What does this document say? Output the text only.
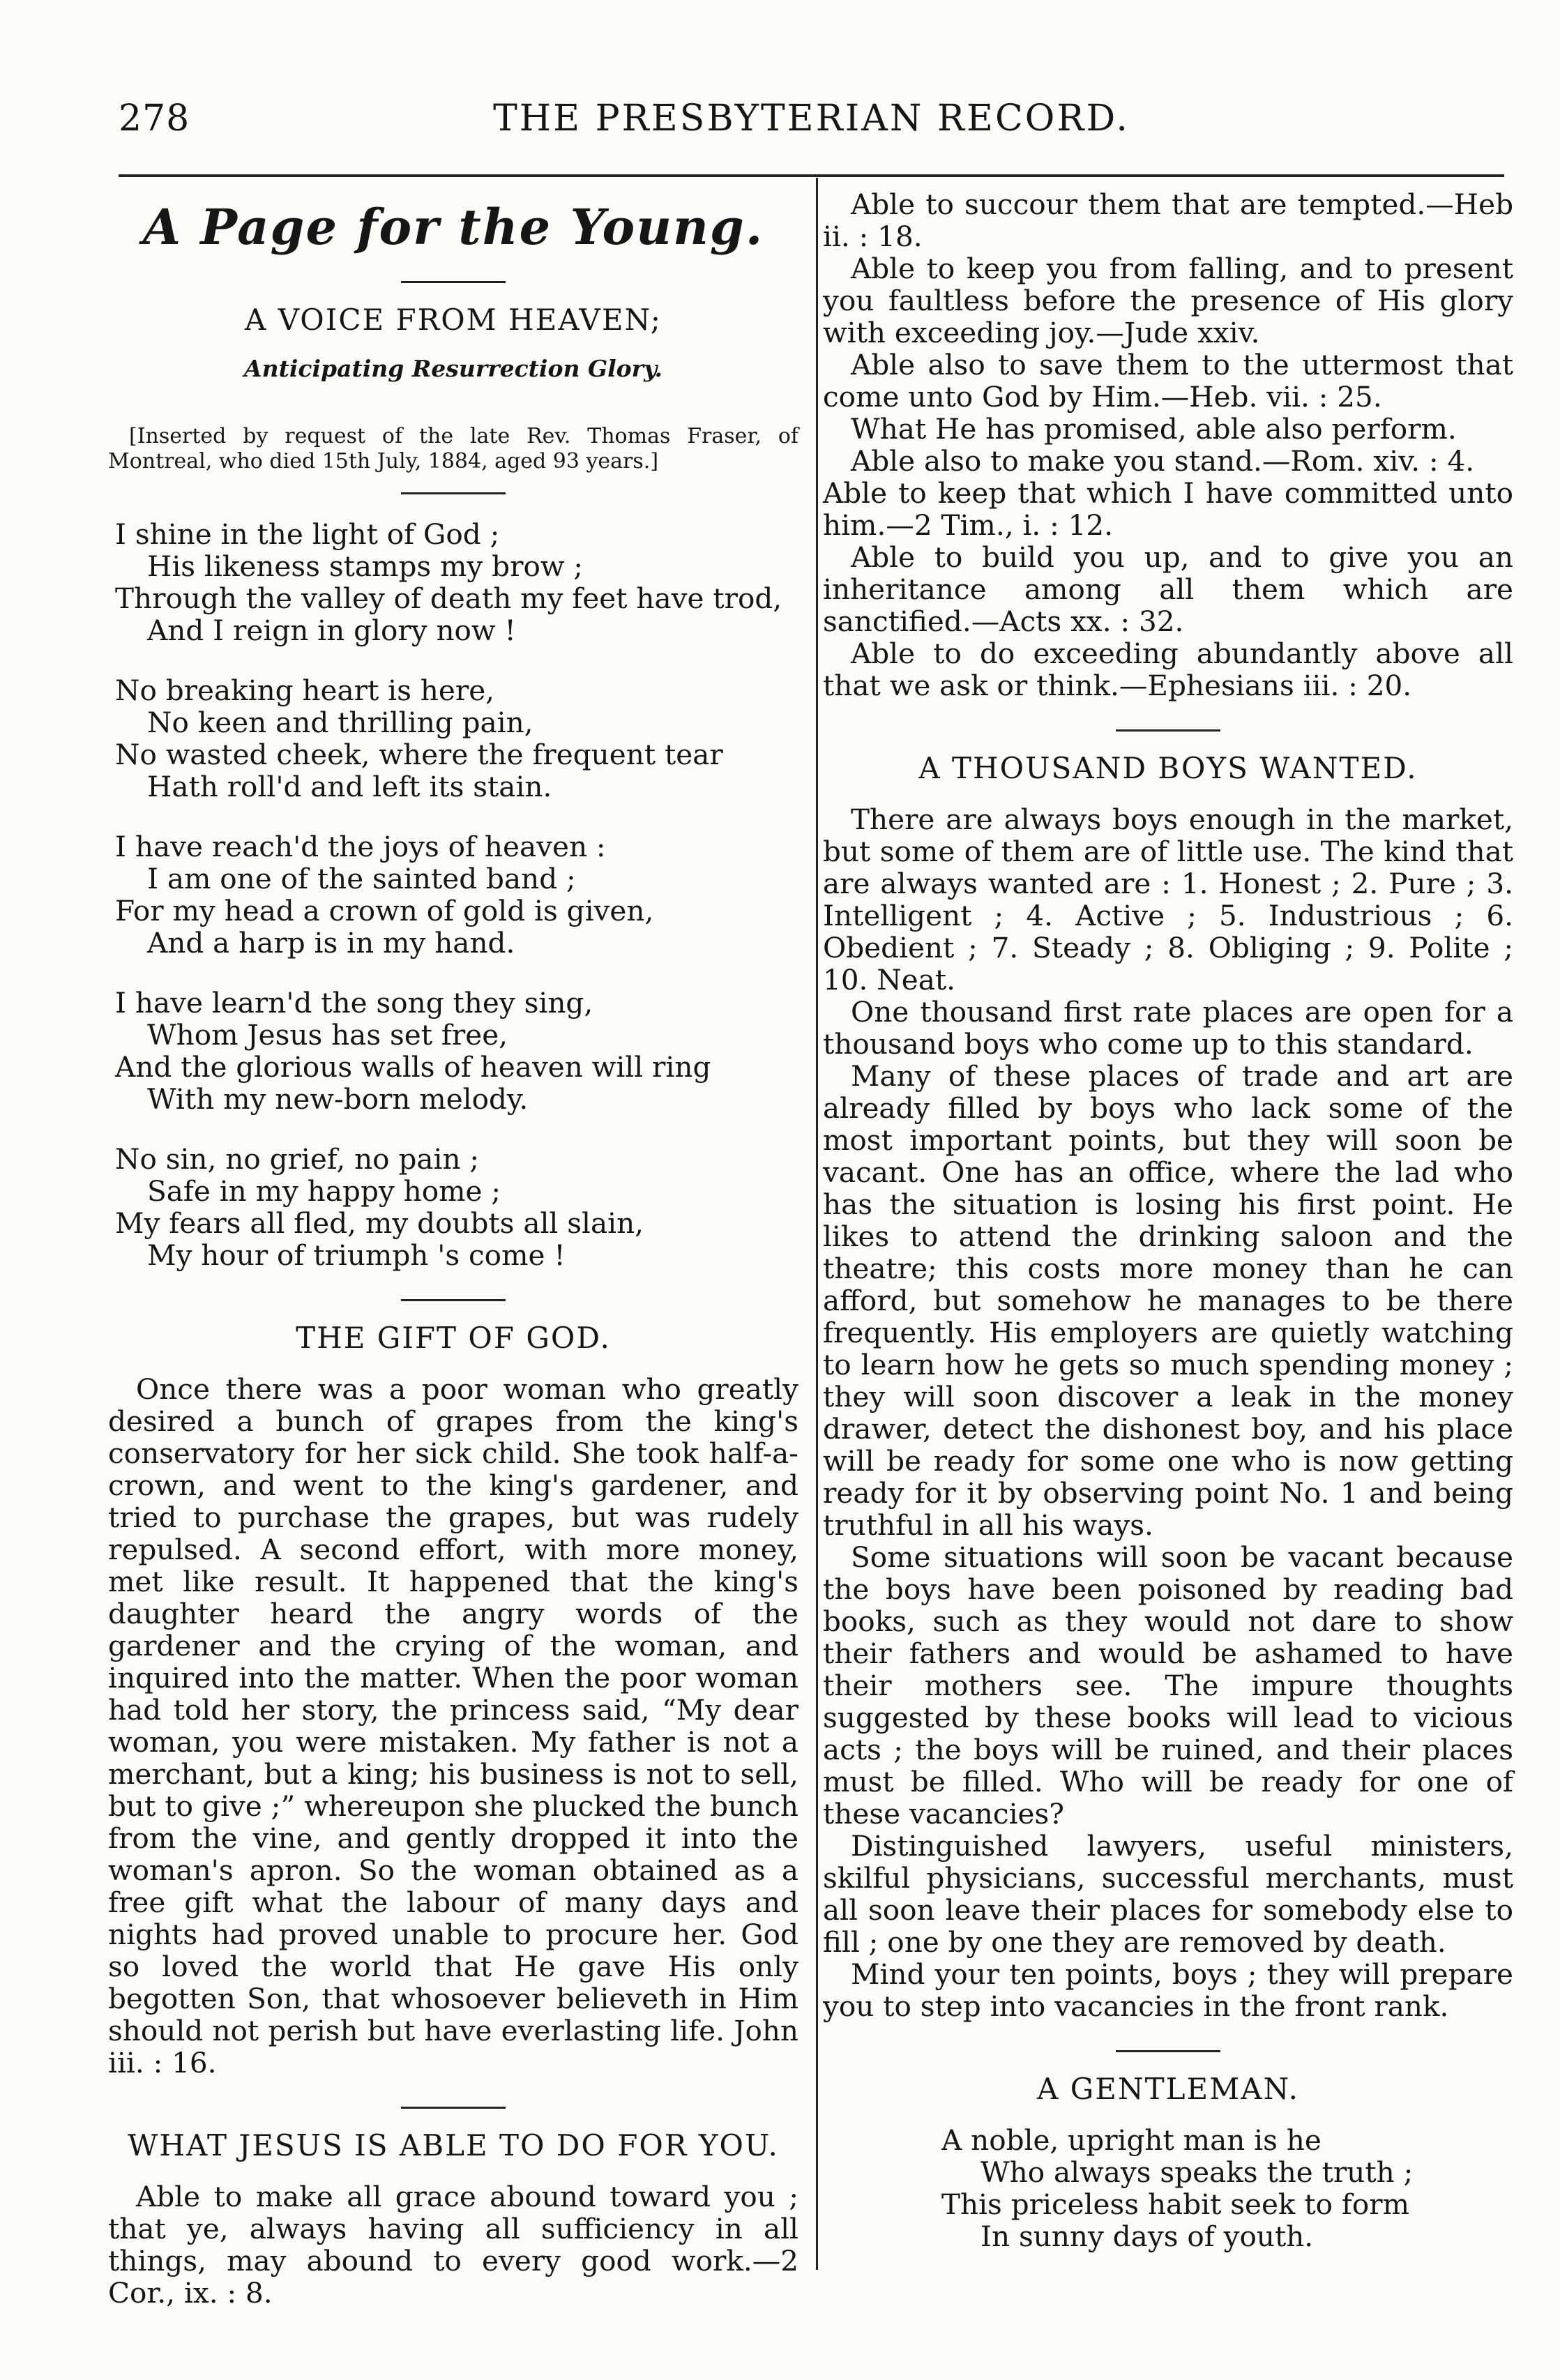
278	THE PRESBYTERIAN RECORD.
A Page for the Young.
A VOICE FROM HEAVEN;
Anticipating Resurrection Glory.

[Inserted by request of the late Rev. Thomas Fraser, of Montreal, who died 15th July, 1884, aged 93 years.]

I shine in the light of God ;
His likeness stamps my brow ;
Through the valley of death my feet have trod,
And I reign in glory now !
No breaking heart is here,
No keen and thrilling pain,
No wasted cheek, where the frequent tear
Hath roll'd and left its stain.
I have reach'd the joys of heaven :
I am one of the sainted band ;
For my head a crown of gold is given,
And a harp is in my hand.
I have learn'd the song they sing,
Whom Jesus has set free,
And the glorious walls of heaven will ring
With my new-born melody.
No sin, no grief, no pain ;
Safe in my happy home ;
My fears all fled, my doubts all slain,
My hour of triumph 's come !
THE GIFT OF GOD.

Once there was a poor woman who greatly desired a bunch of grapes from the king's conservatory for her sick child. She took half-a-crown, and went to the king's gardener, and tried to purchase the grapes, but was rudely repulsed. A second effort, with more money, met like result. It happened that the king's daughter heard the angry words of the gardener and the crying of the woman, and inquired into the matter. When the poor woman had told her story, the princess said, “My dear woman, you were mistaken. My father is not a merchant, but a king; his business is not to sell, but to give ;” whereupon she plucked the bunch from the vine, and gently dropped it into the woman's apron. So the woman obtained as a free gift what the labour of many days and nights had proved unable to procure her. God so loved the world that He gave His only begotten Son, that whosoever believeth in Him should not perish but have everlasting life. John iii. : 16.

WHAT JESUS IS ABLE TO DO FOR YOU.

Able to make all grace abound toward you ; that ye, always having all sufficiency in all things, may abound to every good work.—2 Cor., ix. : 8.

Able to succour them that are tempted.—Heb ii. : 18.

Able to keep you from falling, and to present you faultless before the presence of His glory with exceeding joy.—Jude xxiv.

Able also to save them to the uttermost that come unto God by Him.—Heb. vii. : 25.

What He has promised, able also perform.

Able also to make you stand.—Rom. xiv. : 4.

Able to keep that which I have committed unto him.—2 Tim., i. : 12.

Able to build you up, and to give you an inheritance among all them which are sanctified.—Acts xx. : 32.

Able to do exceeding abundantly above all that we ask or think.—Ephesians iii. : 20.

A THOUSAND BOYS WANTED.

There are always boys enough in the market, but some of them are of little use. The kind that are always wanted are : 1. Honest ; 2. Pure ; 3. Intelligent ; 4. Active ; 5. Industrious ; 6. Obedient ; 7. Steady ; 8. Obliging ; 9. Polite ; 10. Neat.

One thousand first rate places are open for a thousand boys who come up to this standard.

Many of these places of trade and art are already filled by boys who lack some of the most important points, but they will soon be vacant. One has an office, where the lad who has the situation is losing his first point. He likes to attend the drinking saloon and the theatre; this costs more money than he can afford, but somehow he manages to be there frequently. His employers are quietly watching to learn how he gets so much spending money ; they will soon discover a leak in the money drawer, detect the dishonest boy, and his place will be ready for some one who is now getting ready for it by observing point No. 1 and being truthful in all his ways.

Some situations will soon be vacant because the boys have been poisoned by reading bad books, such as they would not dare to show their fathers and would be ashamed to have their mothers see. The impure thoughts suggested by these books will lead to vicious acts ; the boys will be ruined, and their places must be filled. Who will be ready for one of these vacancies?

Distinguished lawyers, useful ministers, skilful physicians, successful merchants, must all soon leave their places for somebody else to fill ; one by one they are removed by death.

Mind your ten points, boys ; they will prepare you to step into vacancies in the front rank.

A GENTLEMAN.
A noble, upright man is he
Who always speaks the truth ;
This priceless habit seek to form
In sunny days of youth.
